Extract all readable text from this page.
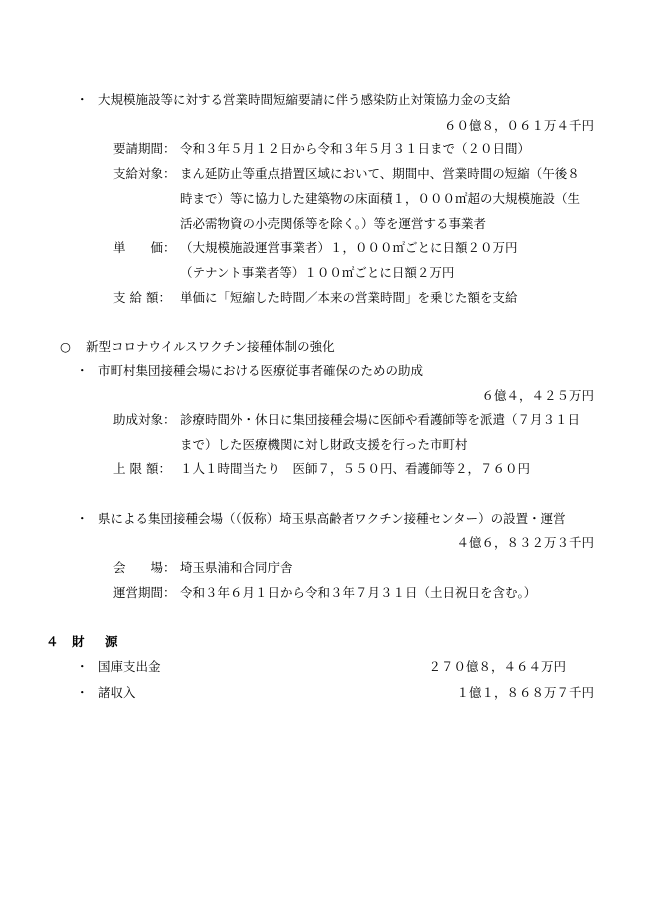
・ 大規模施設等に対する営業時間短縮要請に伴う感染防止対策協力金の支給
６０億８，０６１万４千円
要請期間： 令和３年５月１２日から令和３年５月３１日まで（２０日間）
支給対象： まん延防止等重点措置区域において、期間中、営業時間の短縮（午後８
時まで）等に協力した建築物の床面積１，０００㎡超の大規模施設（生
活必需物資の小売関係等を除く。）等を運営する事業者
単　　価： （大規模施設運営事業者）１，０００㎡ごとに日額２０万円
（テナント事業者等）１００㎡ごとに日額２万円
支 給 額： 単価に「短縮した時間／本来の営業時間」を乗じた額を支給
○ 新型コロナウイルスワクチン接種体制の強化
・ 市町村集団接種会場における医療従事者確保のための助成
６億４，４２５万円
助成対象： 診療時間外・休日に集団接種会場に医師や看護師等を派遣（７月３１日
まで）した医療機関に対し財政支援を行った市町村
上 限 額： １人１時間当たり　医師７，５５０円、看護師等２，７６０円
・ 県による集団接種会場（（仮称）埼玉県高齢者ワクチン接種センター）の設置・運営
４億６，８３２万３千円
会　　場： 埼玉県浦和合同庁舎
運営期間： 令和３年６月１日から令和３年７月３１日（土日祝日を含む。）
４ 財　源
・ 国庫支出金	２７０億８，４６４万円
・ 諸収入	１億１，８６８万７千円
